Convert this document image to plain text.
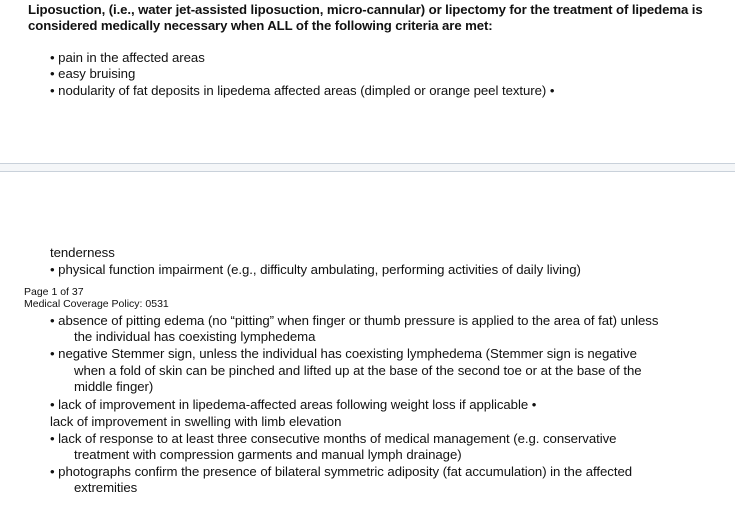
Liposuction, (i.e., water jet-assisted liposuction, micro-cannular) or lipectomy for the treatment of lipedema is considered medically necessary when ALL of the following criteria are met:
• pain in the affected areas
• easy bruising
• nodularity of fat deposits in lipedema affected areas (dimpled or orange peel texture) •
tenderness
• physical function impairment (e.g., difficulty ambulating, performing activities of daily living)
Page 1 of 37
Medical Coverage Policy: 0531
• absence of pitting edema (no “pitting” when finger or thumb pressure is applied to the area of fat) unless
the individual has coexisting lymphedema
• negative Stemmer sign, unless the individual has coexisting lymphedema (Stemmer sign is negative
when a fold of skin can be pinched and lifted up at the base of the second toe or at the base of the
middle finger)
• lack of improvement in lipedema-affected areas following weight loss if applicable •
lack of improvement in swelling with limb elevation
• lack of response to at least three consecutive months of medical management (e.g. conservative
treatment with compression garments and manual lymph drainage)
• photographs confirm the presence of bilateral symmetric adiposity (fat accumulation) in the affected
extremities
